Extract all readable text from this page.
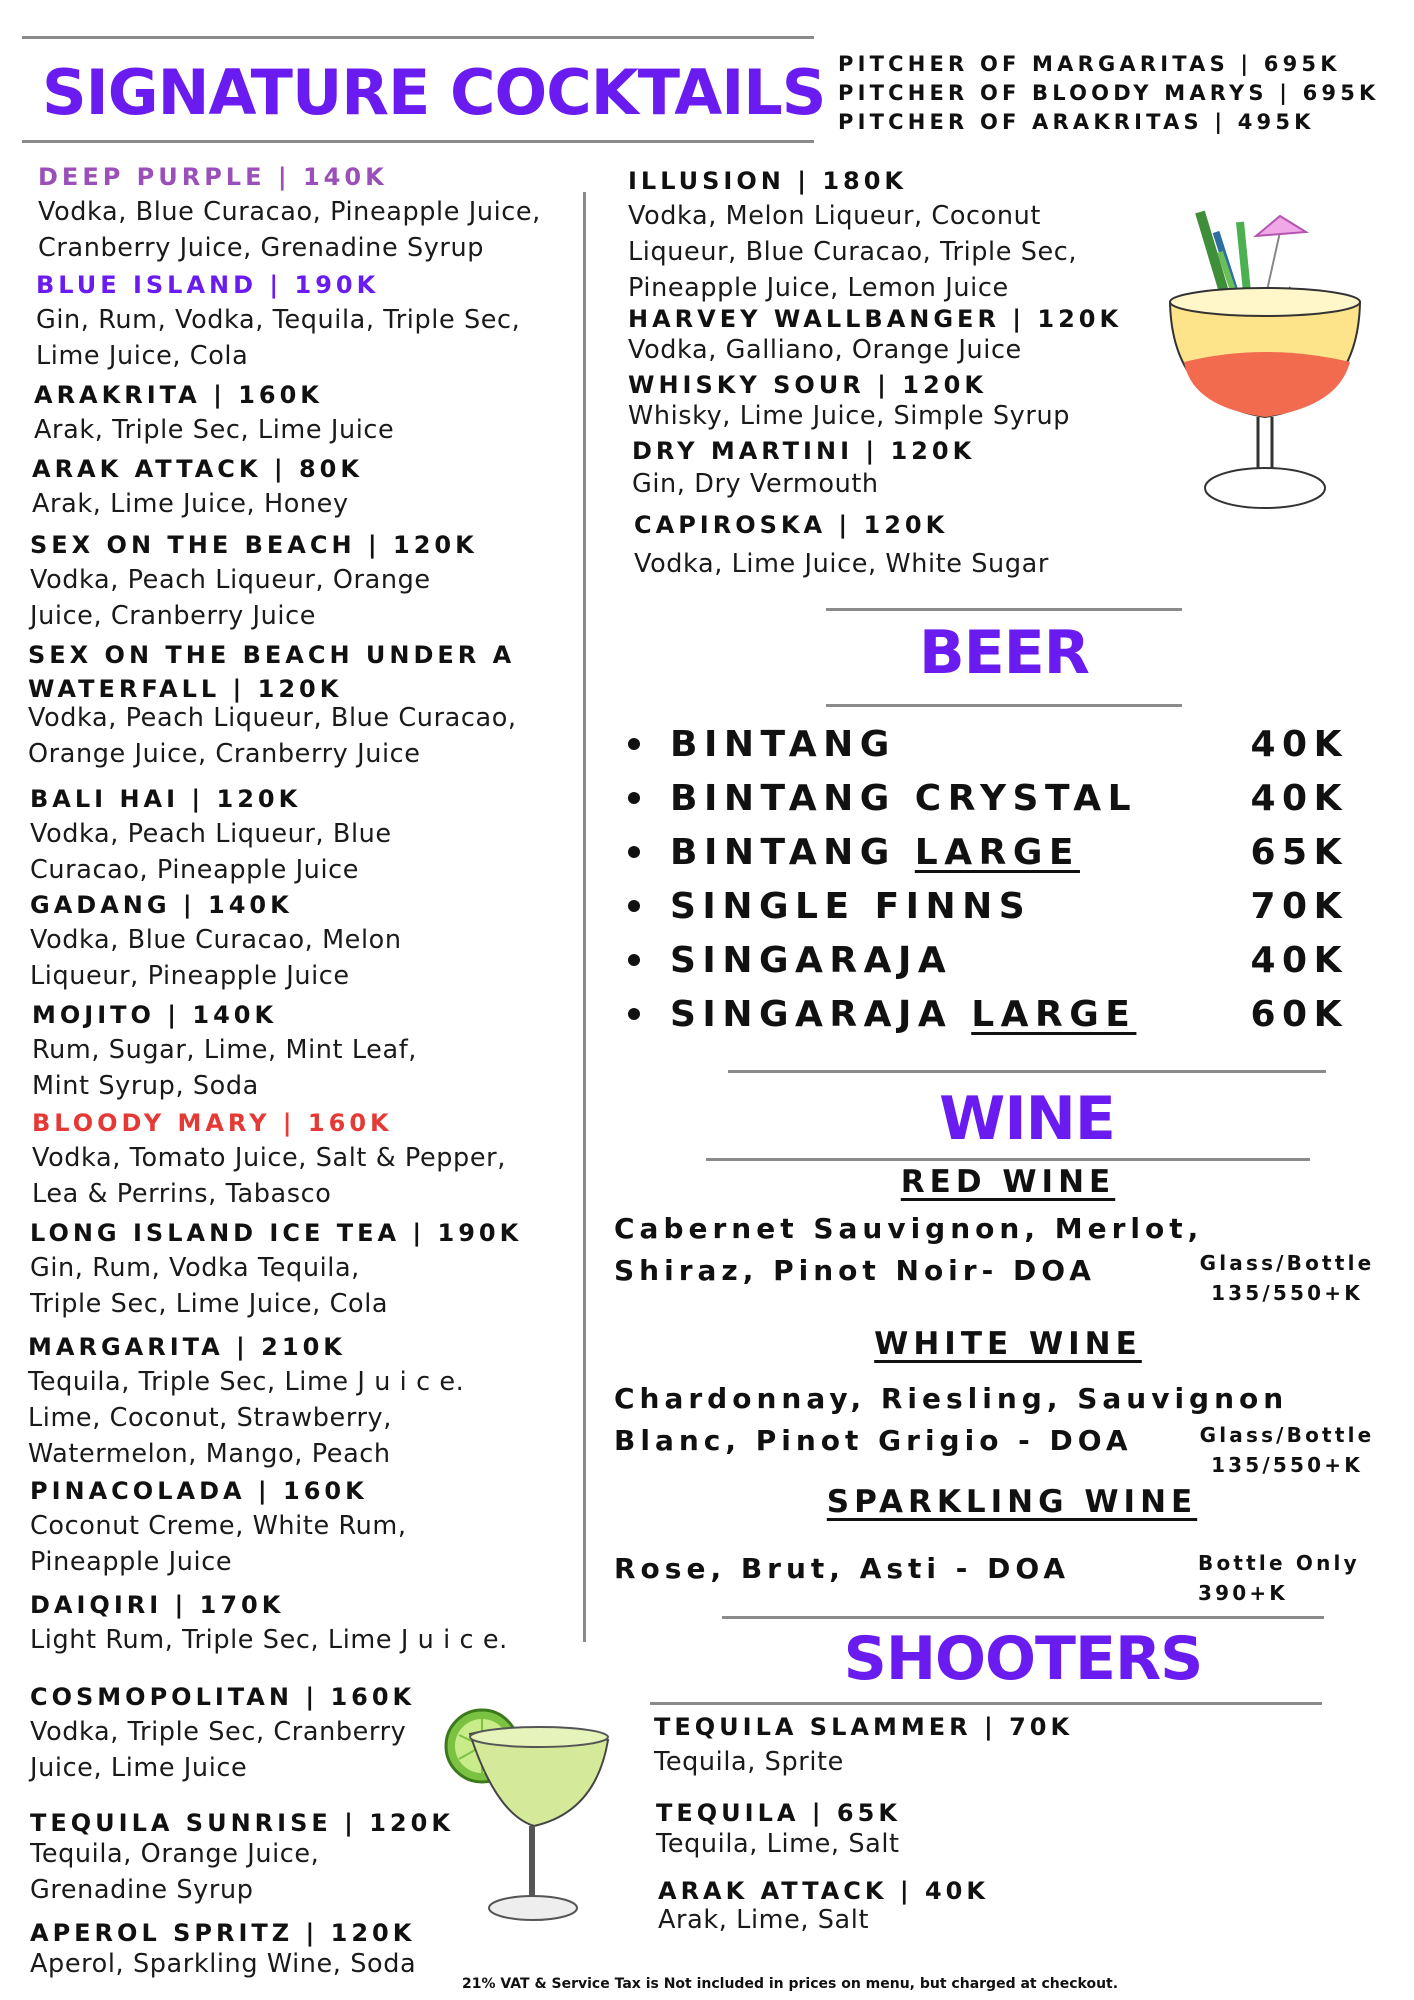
SIGNATURE COCKTAILS PITCHER OF MARGARITAS | 695K
PITCHER OF BLOODY MARYS | 695K
PITCHER OF ARAKRITAS | 495K
DEEP PURPLE | 140K
Vodka, Blue Curacao, Pineapple Juice,
Cranberry Juice, Grenadine Syrup
BLUE ISLAND | 190K
Gin, Rum, Vodka, Tequila, Triple Sec,
Lime Juice, Cola
ARAKRITA | 160K
Arak, Triple Sec, Lime Juice
ARAK ATTACK | 80K
Arak, Lime Juice, Honey
SEX ON THE BEACH | 120K
Vodka, Peach Liqueur, Orange
Juice, Cranberry Juice
SEX ON THE BEACH UNDER A
WATERFALL | 120K
Vodka, Peach Liqueur, Blue Curacao,
Orange Juice, Cranberry Juice
BALI HAI | 120K
Vodka, Peach Liqueur, Blue
Curacao, Pineapple Juice
GADANG | 140K
Vodka, Blue Curacao, Melon
Liqueur, Pineapple Juice
MOJITO | 140K
Rum, Sugar, Lime, Mint Leaf,
Mint Syrup, Soda
BLOODY MARY | 160K
Vodka, Tomato Juice, Salt & Pepper,
Lea & Perrins, Tabasco
LONG ISLAND ICE TEA | 190K
Gin, Rum, Vodka Tequila,
Triple Sec, Lime Juice, Cola
MARGARITA | 210K
Tequila, Triple Sec, Lime J u i c e.
Lime, Coconut, Strawberry,
Watermelon, Mango, Peach
PINACOLADA | 160K
Coconut Creme, White Rum,
Pineapple Juice
DAIQIRI | 170K
Light Rum, Triple Sec, Lime J u i c e.
COSMOPOLITAN | 160K
Vodka, Triple Sec, Cranberry
Juice, Lime Juice
TEQUILA SUNRISE | 120K
Tequila, Orange Juice,
Grenadine Syrup
APEROL SPRITZ | 120K
Aperol, Sparkling Wine, Soda
ILLUSION | 180K
Vodka, Melon Liqueur, Coconut
Liqueur, Blue Curacao, Triple Sec,
Pineapple Juice, Lemon Juice
HARVEY WALLBANGER | 120K
Vodka, Galliano, Orange Juice
WHISKY SOUR | 120K
Whisky, Lime Juice, Simple Syrup
DRY MARTINI | 120K
Gin, Dry Vermouth
CAPIROSKA | 120K
Vodka, Lime Juice, White Sugar
BEER
BINTANG	40K
BINTANG CRYSTAL	40K
BINTANG LARGE	65K
SINGLE FINNS	70K
SINGARAJA	40K
SINGARAJA LARGE	60K
WINE
RED WINE
Cabernet Sauvignon, Merlot,
Shiraz, Pinot Noir- DOA	Glass/Bottle
135/550+K
WHITE WINE
Chardonnay, Riesling, Sauvignon
Blanc, Pinot Grigio - DOA	Glass/Bottle
135/550+K
SPARKLING WINE
Rose, Brut, Asti - DOA	Bottle Only
390+K
SHOOTERS
TEQUILA SLAMMER | 70K
Tequila, Sprite
TEQUILA | 65K
Tequila, Lime, Salt
ARAK ATTACK | 40K
Arak, Lime, Salt
21% VAT & Service Tax is Not included in prices on menu, but charged at checkout.
